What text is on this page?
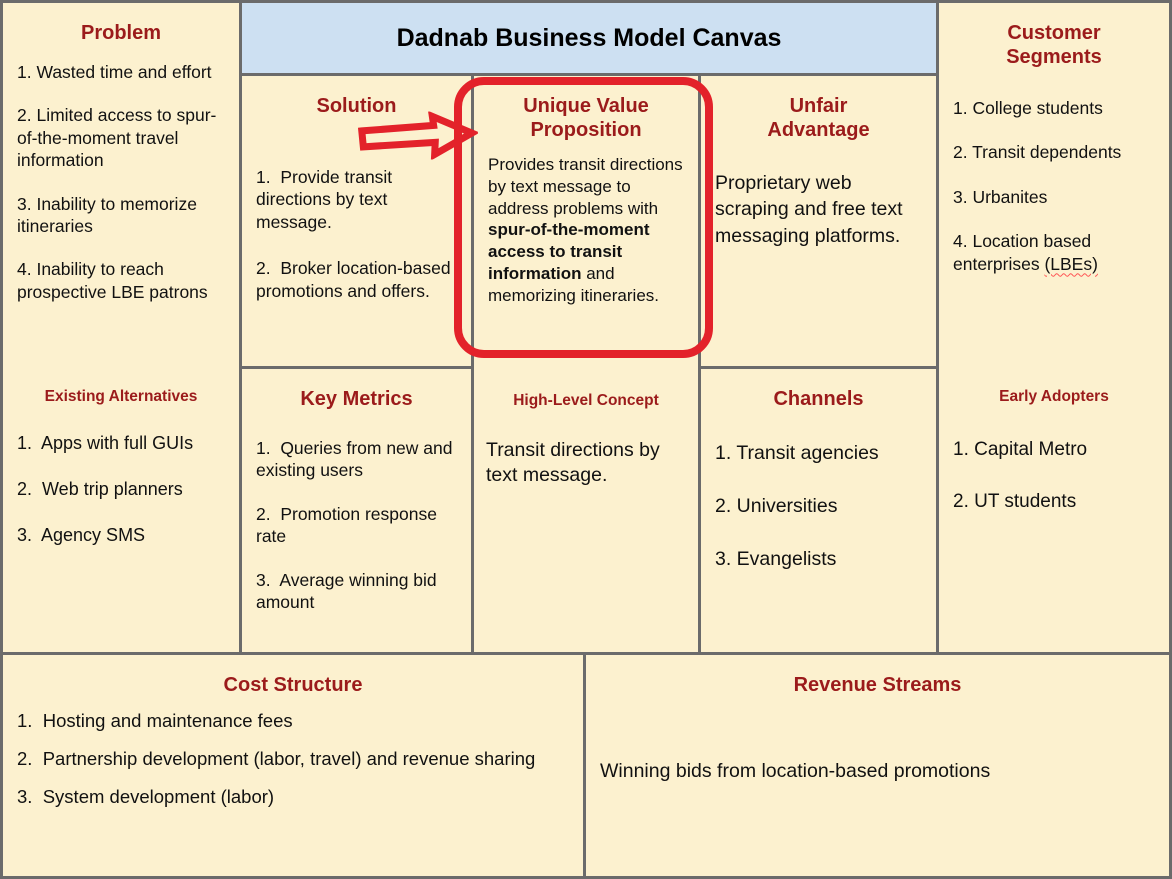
Problem

1. Wasted time and effort

2. Limited access to spur-of-the-moment travel information

3. Inability to memorize itineraries

4. Inability to reach prospective LBE patrons

Existing Alternatives

1.  Apps with full GUIs

2.  Web trip planners

3.  Agency SMS

Dadnab Business Model Canvas	Customer Segments

1. College students

2. Transit dependents

3. Urbanites

4. Location based enterprises (LBEs)

Early Adopters

1. Capital Metro

2. UT students

Solution

1.  Provide transit directions by text message.

2.  Broker location-based promotions and offers.

Unique Value Proposition

Provides transit directions by text message to address problems with spur-of-the-moment access to transit information and memorizing itineraries.

High-Level Concept

Transit directions by text message.

Unfair Advantage

Proprietary web scraping and free text messaging platforms.

Key Metrics

1.  Queries from new and existing users

2.  Promotion response rate

3.  Average winning bid amount

Channels

1. Transit agencies

2. Universities

3. Evangelists

Cost Structure

1.  Hosting and maintenance fees

2.  Partnership development (labor, travel) and revenue sharing

3.  System development (labor)

Revenue Streams

Winning bids from location-based promotions
